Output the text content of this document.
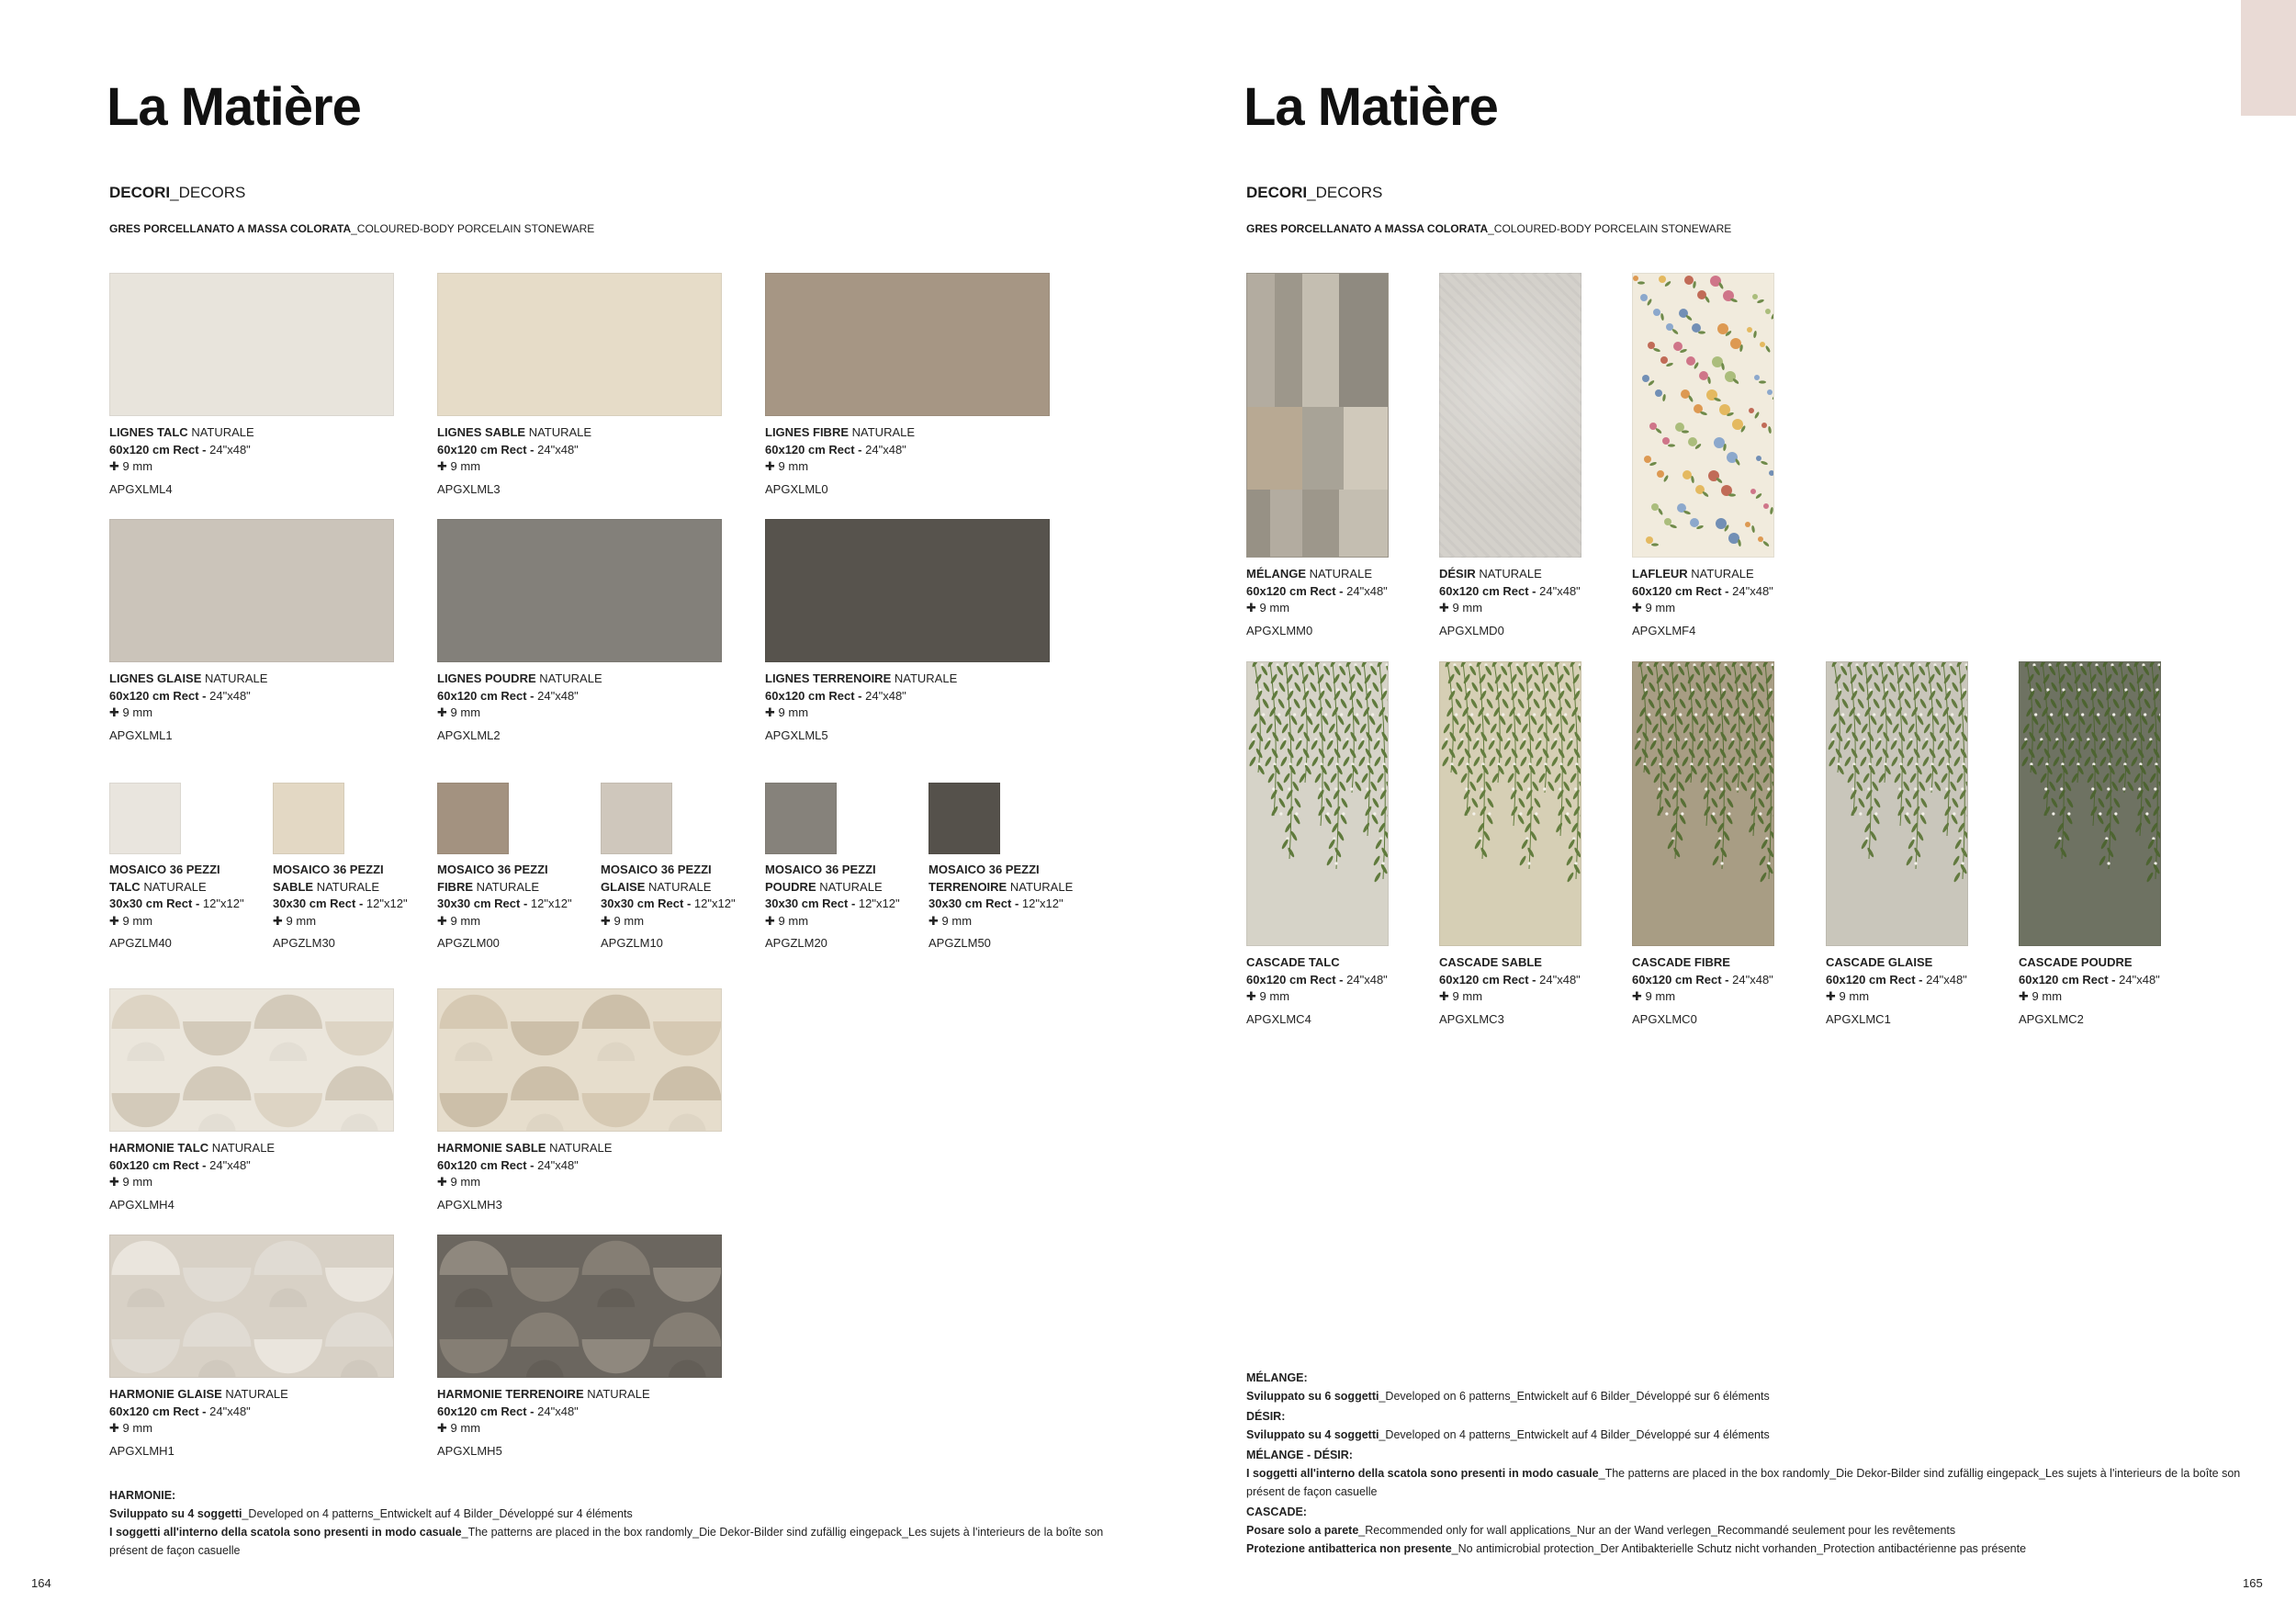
La Matière
DECORI_DECORS
GRES PORCELLANATO A MASSA COLORATA_COLOURED-BODY PORCELAIN STONEWARE
LIGNES TALC NATURALE
60x120 cm Rect - 24"x48"
✚ 9 mm
APGXLML4
LIGNES SABLE NATURALE
60x120 cm Rect - 24"x48"
✚ 9 mm
APGXLML3
LIGNES FIBRE NATURALE
60x120 cm Rect - 24"x48"
✚ 9 mm
APGXLML0
LIGNES GLAISE NATURALE
60x120 cm Rect - 24"x48"
✚ 9 mm
APGXLML1
LIGNES POUDRE NATURALE
60x120 cm Rect - 24"x48"
✚ 9 mm
APGXLML2
LIGNES TERRENOIRE NATURALE
60x120 cm Rect - 24"x48"
✚ 9 mm
APGXLML5
MOSAICO 36 PEZZI
TALC NATURALE
30x30 cm Rect - 12"x12"
✚ 9 mm
APGZLM40
MOSAICO 36 PEZZI
SABLE NATURALE
30x30 cm Rect - 12"x12"
✚ 9 mm
APGZLM30
MOSAICO 36 PEZZI
FIBRE NATURALE
30x30 cm Rect - 12"x12"
✚ 9 mm
APGZLM00
MOSAICO 36 PEZZI
GLAISE NATURALE
30x30 cm Rect - 12"x12"
✚ 9 mm
APGZLM10
MOSAICO 36 PEZZI
POUDRE NATURALE
30x30 cm Rect - 12"x12"
✚ 9 mm
APGZLM20
MOSAICO 36 PEZZI
TERRENOIRE NATURALE
30x30 cm Rect - 12"x12"
✚ 9 mm
APGZLM50
HARMONIE TALC NATURALE
60x120 cm Rect - 24"x48"
✚ 9 mm
APGXLMH4
HARMONIE SABLE NATURALE
60x120 cm Rect - 24"x48"
✚ 9 mm
APGXLMH3
HARMONIE GLAISE NATURALE
60x120 cm Rect - 24"x48"
✚ 9 mm
APGXLMH1
HARMONIE TERRENOIRE NATURALE
60x120 cm Rect - 24"x48"
✚ 9 mm
APGXLMH5
HARMONIE:
Sviluppato su 4 soggetti_Developed on 4 patterns_Entwickelt auf 4 Bilder_Développé sur 4 éléments
I soggetti all'interno della scatola sono presenti in modo casuale_The patterns are placed in the box randomly_Die Dekor-Bilder sind zufällig eingepack_Les sujets à l'interieurs de la boîte son
présent de façon casuelle
164
La Matière
DECORI_DECORS
GRES PORCELLANATO A MASSA COLORATA_COLOURED-BODY PORCELAIN STONEWARE
MÉLANGE NATURALE
60x120 cm Rect - 24"x48"
✚ 9 mm
APGXLMM0
DÉSIR NATURALE
60x120 cm Rect - 24"x48"
✚ 9 mm
APGXLMD0
LAFLEUR NATURALE
60x120 cm Rect - 24"x48"
✚ 9 mm
APGXLMF4
CASCADE TALC
60x120 cm Rect - 24"x48"
✚ 9 mm
APGXLMC4
CASCADE SABLE
60x120 cm Rect - 24"x48"
✚ 9 mm
APGXLMC3
CASCADE FIBRE
60x120 cm Rect - 24"x48"
✚ 9 mm
APGXLMC0
CASCADE GLAISE
60x120 cm Rect - 24"x48"
✚ 9 mm
APGXLMC1
CASCADE POUDRE
60x120 cm Rect - 24"x48"
✚ 9 mm
APGXLMC2
MÉLANGE:
Sviluppato su 6 soggetti_Developed on 6 patterns_Entwickelt auf 6 Bilder_Développé sur 6 éléments
DÉSIR:
Sviluppato su 4 soggetti_Developed on 4 patterns_Entwickelt auf 4 Bilder_Développé sur 4 éléments
MÉLANGE - DÉSIR:
I soggetti all'interno della scatola sono presenti in modo casuale_The patterns are placed in the box randomly_Die Dekor-Bilder sind zufällig eingepack_Les sujets à l'interieurs de la boîte son
présent de façon casuelle
CASCADE:
Posare solo a parete_Recommended only for wall applications_Nur an der Wand verlegen_Recommandé seulement pour les revêtements
Protezione antibatterica non presente_No antimicrobial protection_Der Antibakterielle Schutz nicht vorhanden_Protection antibactérienne pas présente
165
